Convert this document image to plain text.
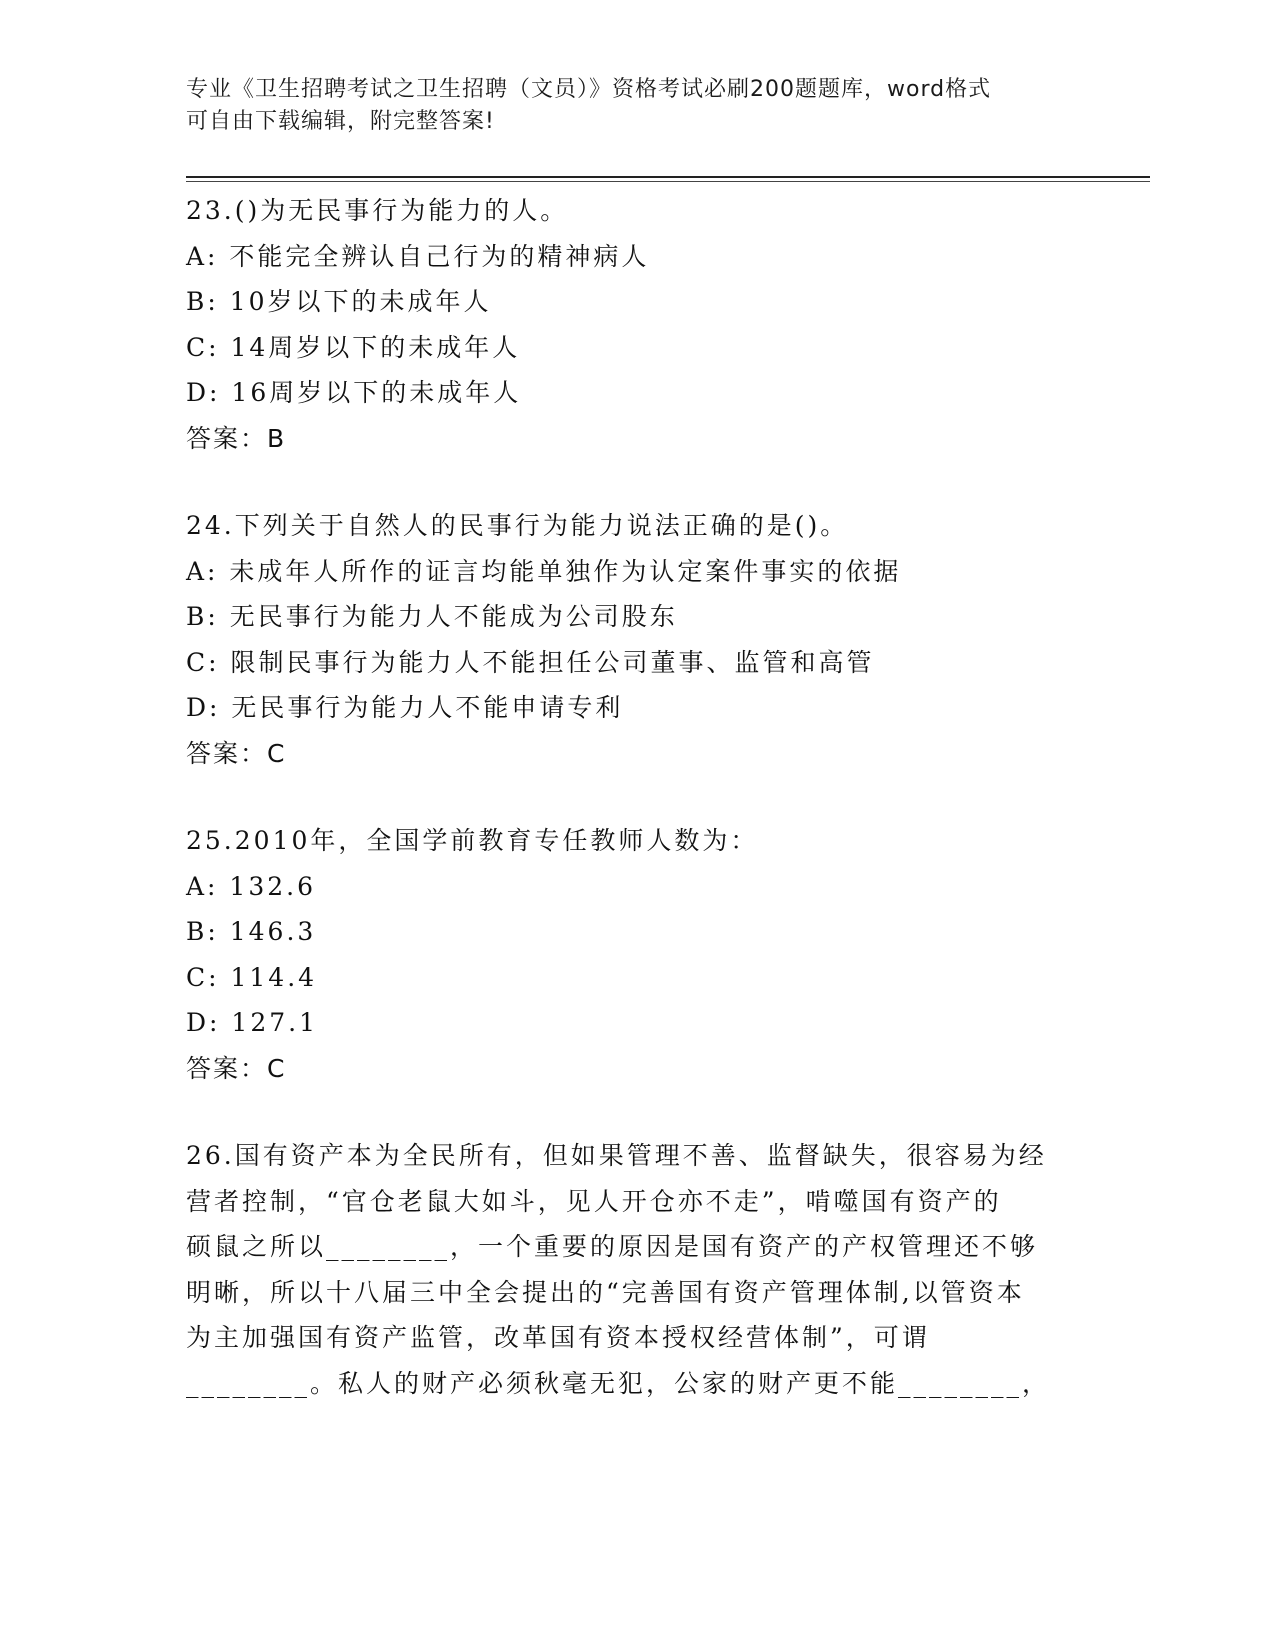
专业《卫生招聘考试之卫生招聘（文员）》资格考试必刷200题题库，word格式
可自由下载编辑，附完整答案!
23.()为无民事行为能力的人。
A: 不能完全辨认自己行为的精神病人
B: 10岁以下的未成年人
C: 14周岁以下的未成年人
D: 16周岁以下的未成年人
答案：B
24.下列关于自然人的民事行为能力说法正确的是()。
A: 未成年人所作的证言均能单独作为认定案件事实的依据
B: 无民事行为能力人不能成为公司股东
C: 限制民事行为能力人不能担任公司董事、监管和高管
D: 无民事行为能力人不能申请专利
答案：C
25.2010年，全国学前教育专任教师人数为：
A: 132.6
B: 146.3
C: 114.4
D: 127.1
答案：C
26.国有资产本为全民所有，但如果管理不善、监督缺失，很容易为经
营者控制，“官仓老鼠大如斗，见人开仓亦不走”，啃噬国有资产的
硕鼠之所以________，一个重要的原因是国有资产的产权管理还不够
明晰，所以十八届三中全会提出的“完善国有资产管理体制,以管资本
为主加强国有资产监管，改革国有资本授权经营体制”，可谓
________。私人的财产必须秋毫无犯，公家的财产更不能________，
